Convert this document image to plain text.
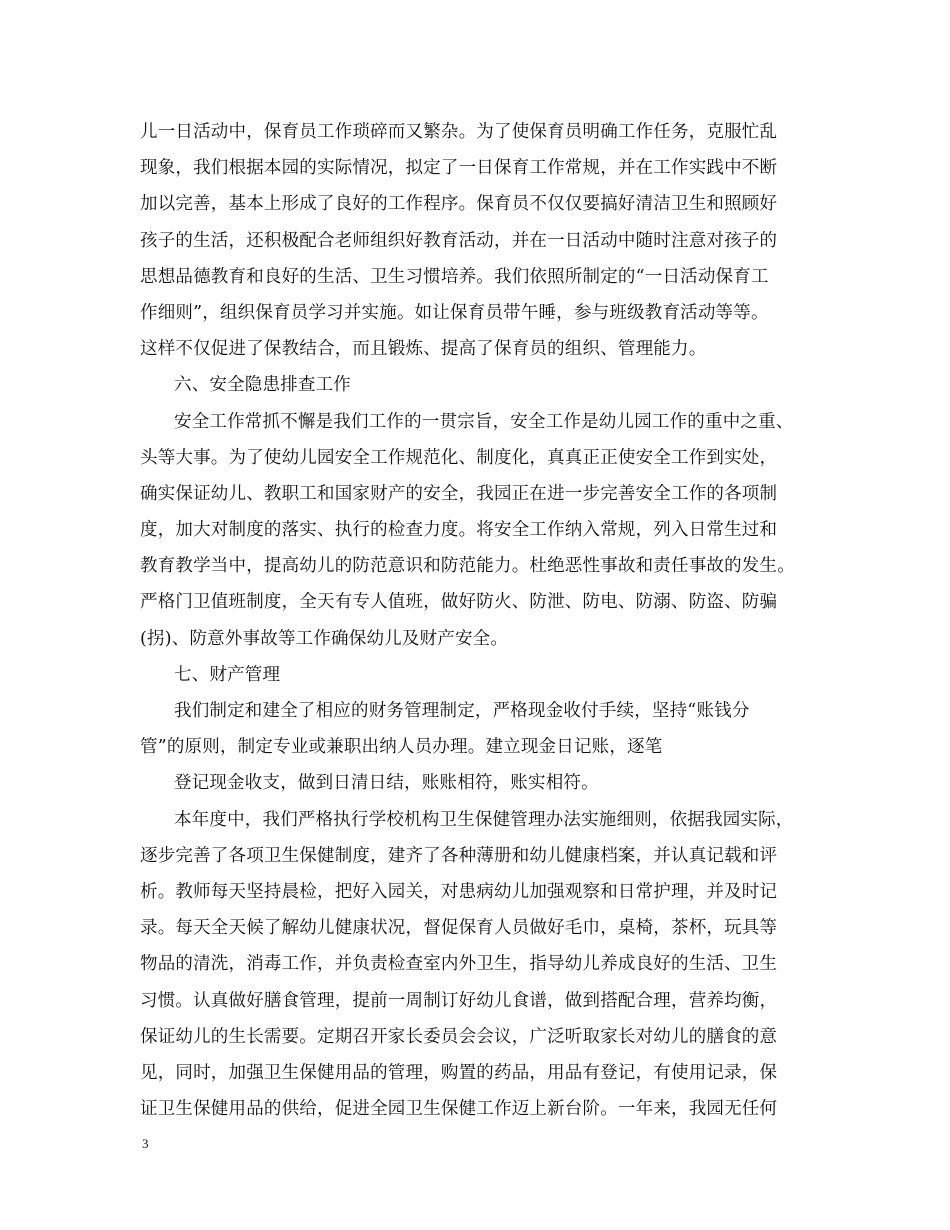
儿一日活动中，保育员工作琐碎而又繁杂。为了使保育员明确工作任务，克服忙乱
现象，我们根据本园的实际情况，拟定了一日保育工作常规，并在工作实践中不断
加以完善，基本上形成了良好的工作程序。保育员不仅仅要搞好清洁卫生和照顾好
孩子的生活，还积极配合老师组织好教育活动，并在一日活动中随时注意对孩子的
思想品德教育和良好的生活、卫生习惯培养。我们依照所制定的“一日活动保育工
作细则”，组织保育员学习并实施。如让保育员带午睡，参与班级教育活动等等。
这样不仅促进了保教结合，而且锻炼、提高了保育员的组织、管理能力。
六、安全隐患排查工作
安全工作常抓不懈是我们工作的一贯宗旨，安全工作是幼儿园工作的重中之重、
头等大事。为了使幼儿园安全工作规范化、制度化，真真正正使安全工作到实处，
确实保证幼儿、教职工和国家财产的安全，我园正在进一步完善安全工作的各项制
度，加大对制度的落实、执行的检查力度。将安全工作纳入常规，列入日常生过和
教育教学当中，提高幼儿的防范意识和防范能力。杜绝恶性事故和责任事故的发生。
严格门卫值班制度，全天有专人值班，做好防火、防泄、防电、防溺、防盗、防骗
(拐)、防意外事故等工作确保幼儿及财产安全。
七、财产管理
我们制定和建全了相应的财务管理制定，严格现金收付手续，坚持“账钱分
管”的原则，制定专业或兼职出纳人员办理。建立现金日记账，逐笔
登记现金收支，做到日清日结，账账相符，账实相符。
本年度中，我们严格执行学校机构卫生保健管理办法实施细则，依据我园实际，
逐步完善了各项卫生保健制度，建齐了各种薄册和幼儿健康档案，并认真记载和评
析。教师每天坚持晨检，把好入园关，对患病幼儿加强观察和日常护理，并及时记
录。每天全天候了解幼儿健康状况，督促保育人员做好毛巾，桌椅，茶杯，玩具等
物品的清洗，消毒工作，并负责检查室内外卫生，指导幼儿养成良好的生活、卫生
习惯。认真做好膳食管理，提前一周制订好幼儿食谱，做到搭配合理，营养均衡，
保证幼儿的生长需要。定期召开家长委员会会议，广泛听取家长对幼儿的膳食的意
见，同时，加强卫生保健用品的管理，购置的药品，用品有登记，有使用记录，保
证卫生保健用品的供给，促进全园卫生保健工作迈上新台阶。一年来，我园无任何
3
